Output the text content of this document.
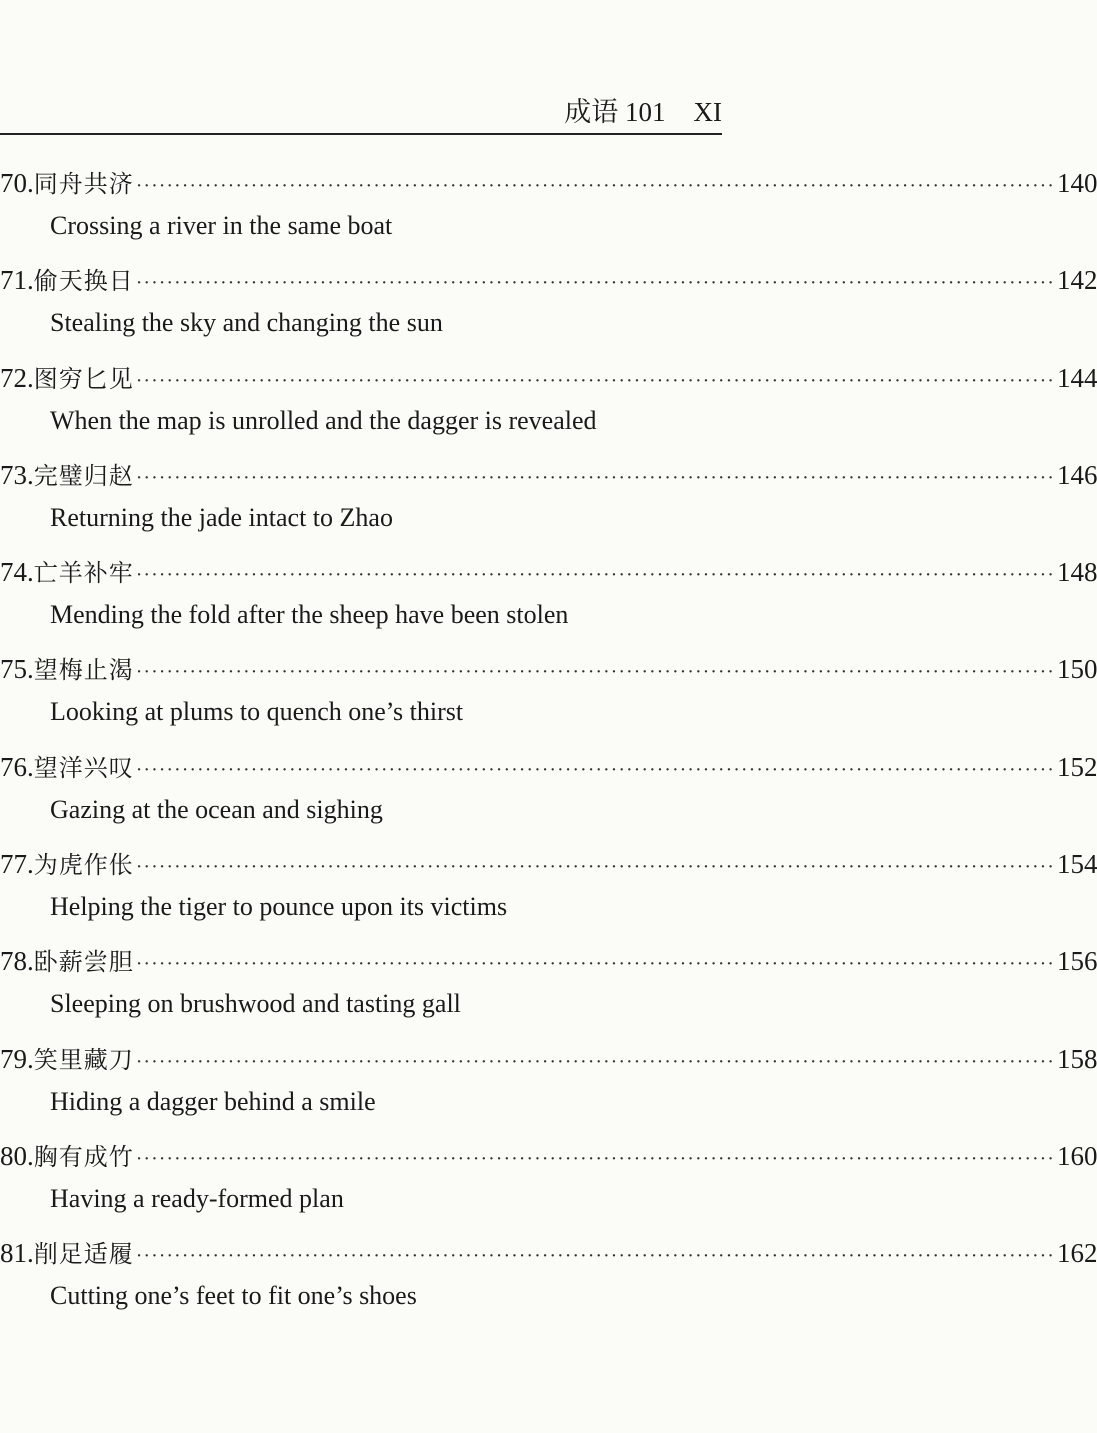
成语 101 XI
70. 同舟共济 ························································································································ 140
Crossing a river in the same boat
71. 偷天换日 ························································································································ 142
Stealing the sky and changing the sun
72. 图穷匕见 ························································································································ 144
When the map is unrolled and the dagger is revealed
73. 完璧归赵 ························································································································ 146
Returning the jade intact to Zhao
74. 亡羊补牢 ························································································································ 148
Mending the fold after the sheep have been stolen
75. 望梅止渴 ························································································································ 150
Looking at plums to quench one’s thirst
76. 望洋兴叹 ························································································································ 152
Gazing at the ocean and sighing
77. 为虎作伥 ························································································································ 154
Helping the tiger to pounce upon its victims
78. 卧薪尝胆 ························································································································ 156
Sleeping on brushwood and tasting gall
79. 笑里藏刀 ························································································································ 158
Hiding a dagger behind a smile
80. 胸有成竹 ························································································································ 160
Having a ready-formed plan
81. 削足适履 ························································································································ 162
Cutting one’s feet to fit one’s shoes
